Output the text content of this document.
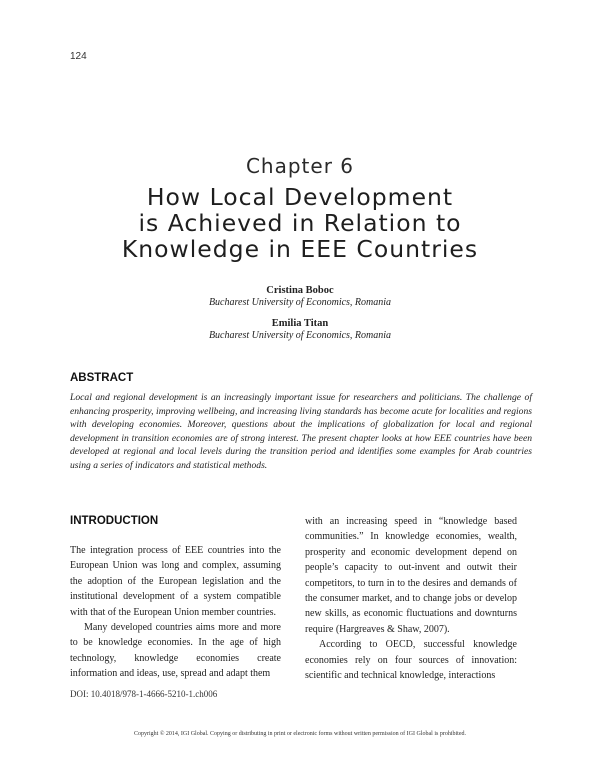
124
Chapter 6
How Local Development
is Achieved in Relation to
Knowledge in EEE Countries
Cristina Boboc
Bucharest University of Economics, Romania
Emilia Titan
Bucharest University of Economics, Romania
ABSTRACT
Local and regional development is an increasingly important issue for researchers and politicians. The challenge of enhancing prosperity, improving wellbeing, and increasing living standards has become acute for localities and regions with developing economies. Moreover, questions about the implications of globalization for local and regional development in transition economies are of strong interest. The present chapter looks at how EEE countries have been developed at regional and local levels during the transition period and identifies some examples for Arab countries using a series of indicators and statistical methods.
INTRODUCTION

The integration process of EEE countries into the European Union was long and complex, assuming the adoption of the European legislation and the institutional development of a system compatible with that of the European Union member countries.

Many developed countries aims more and more to be knowledge economies. In the age of high technology, knowledge economies create information and ideas, use, spread and adapt them

with an increasing speed in “knowledge based communities.” In knowledge economies, wealth, prosperity and economic development depend on people’s capacity to out-invent and outwit their competitors, to turn in to the desires and demands of the consumer market, and to change jobs or develop new skills, as economic fluctuations and downturns require (Hargreaves & Shaw, 2007).

According to OECD, successful knowledge economies rely on four sources of innovation: scientific and technical knowledge, interactions

DOI: 10.4018/978-1-4666-5210-1.ch006
Copyright © 2014, IGI Global. Copying or distributing in print or electronic forms without written permission of IGI Global is prohibited.
